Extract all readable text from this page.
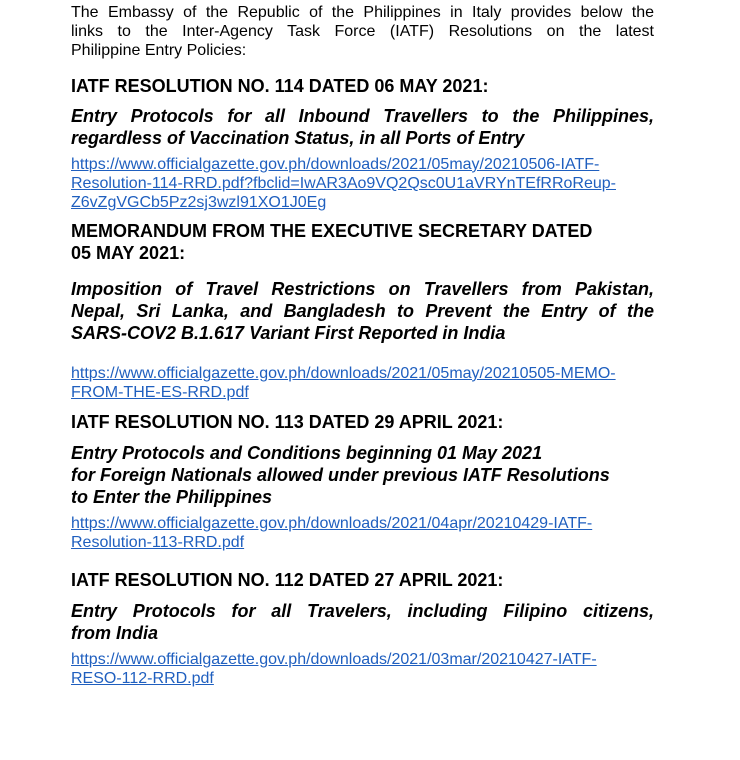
The Embassy of the Republic of the Philippines in Italy provides below the
links to the Inter-Agency Task Force (IATF) Resolutions on the latest
Philippine Entry Policies:

IATF RESOLUTION NO. 114 DATED 06 MAY 2021:

Entry Protocols for all Inbound Travellers to the Philippines,
regardless of Vaccination Status, in all Ports of Entry

https://www.officialgazette.gov.ph/downloads/2021/05may/20210506-IATF-
Resolution-114-RRD.pdf?fbclid=IwAR3Ao9VQ2Qsc0U1aVRYnTEfRRoReup-
Z6vZgVGCb5Pz2sj3wzl91XO1J0Eg

MEMORANDUM FROM THE EXECUTIVE SECRETARY DATED
05 MAY 2021:

Imposition of Travel Restrictions on Travellers from Pakistan,
Nepal, Sri Lanka, and Bangladesh to Prevent the Entry of the
SARS-COV2 B.1.617 Variant First Reported in India

https://www.officialgazette.gov.ph/downloads/2021/05may/20210505-MEMO-
FROM-THE-ES-RRD.pdf

IATF RESOLUTION NO. 113 DATED 29 APRIL 2021:

Entry Protocols and Conditions beginning 01 May 2021
for Foreign Nationals allowed under previous IATF Resolutions
to Enter the Philippines

https://www.officialgazette.gov.ph/downloads/2021/04apr/20210429-IATF-
Resolution-113-RRD.pdf

IATF RESOLUTION NO. 112 DATED 27 APRIL 2021:

Entry Protocols for all Travelers, including Filipino citizens,
from India

https://www.officialgazette.gov.ph/downloads/2021/03mar/20210427-IATF-
RESO-112-RRD.pdf
